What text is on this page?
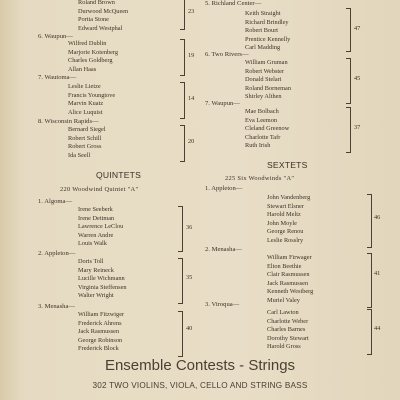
Roland Brown
Durwood McQueen
Portia Stone
Edward Westphal
23
6. Waupun—
Wilfred Dublin
Marjorie Kotenberg
Charles Goldberg
Allan Haas
19
7. Wautoma—
Leslie Lietze
Francis Youngtove
Marvin Kuatz
Alice Luquist
14
8. Wisconsin Rapids—
Bernard Siegel
Robert Schill
Robert Gross
Ida Seell
20
QUINTETS
220 Woodwind Quintet "A"
1. Algoma—
Irene Seeberk
Irene Dettman
Lawrence LeClou
Warren Andre
Louis Walk
36
2. Appleton—
Doris Toll
Mary Reineck
Lucille Wichmann
Virginia Steffensen
Walter Wright
35
3. Menasha—
William Fitzwiger
Frederick Ahrens
Jack Rasmussen
George Robinson
Frederick Block
40
5. Richland Center—
Keith Straight
Richard Brindley
Robert Bourt
Prentice Kennelly
Carl Madding
47
6. Two Rivers—
William Gruman
Robert Webster
Donald Stelari
Roland Borneman
Shirley Althen
45
7. Waupun—
Mae Bolbach
Eva Leemon
Cleland Greenow
Charlotte Tafr
Ruth Irish
37
SEXTETS
225 Six Woodwinds "A"
1. Appleton—
John Vandenberg
Stewart Elsner
Harold Meltz
John Moyle
George Renou
Leslie Rosslry
46
2. Menasha—
William Firwager
Elton Beethie
Clair Rasmussen
Jack Rasmussen
Kenneth Westberg
Muriel Valey
41
3. Viroqua—
Carl Lawton
Charlotte Weber
Charles Barnes
Dorothy Stewart
Harold Gross
44
Ensemble Contests - Strings
302 TWO VIOLINS, VIOLA, CELLO AND STRING BASS
